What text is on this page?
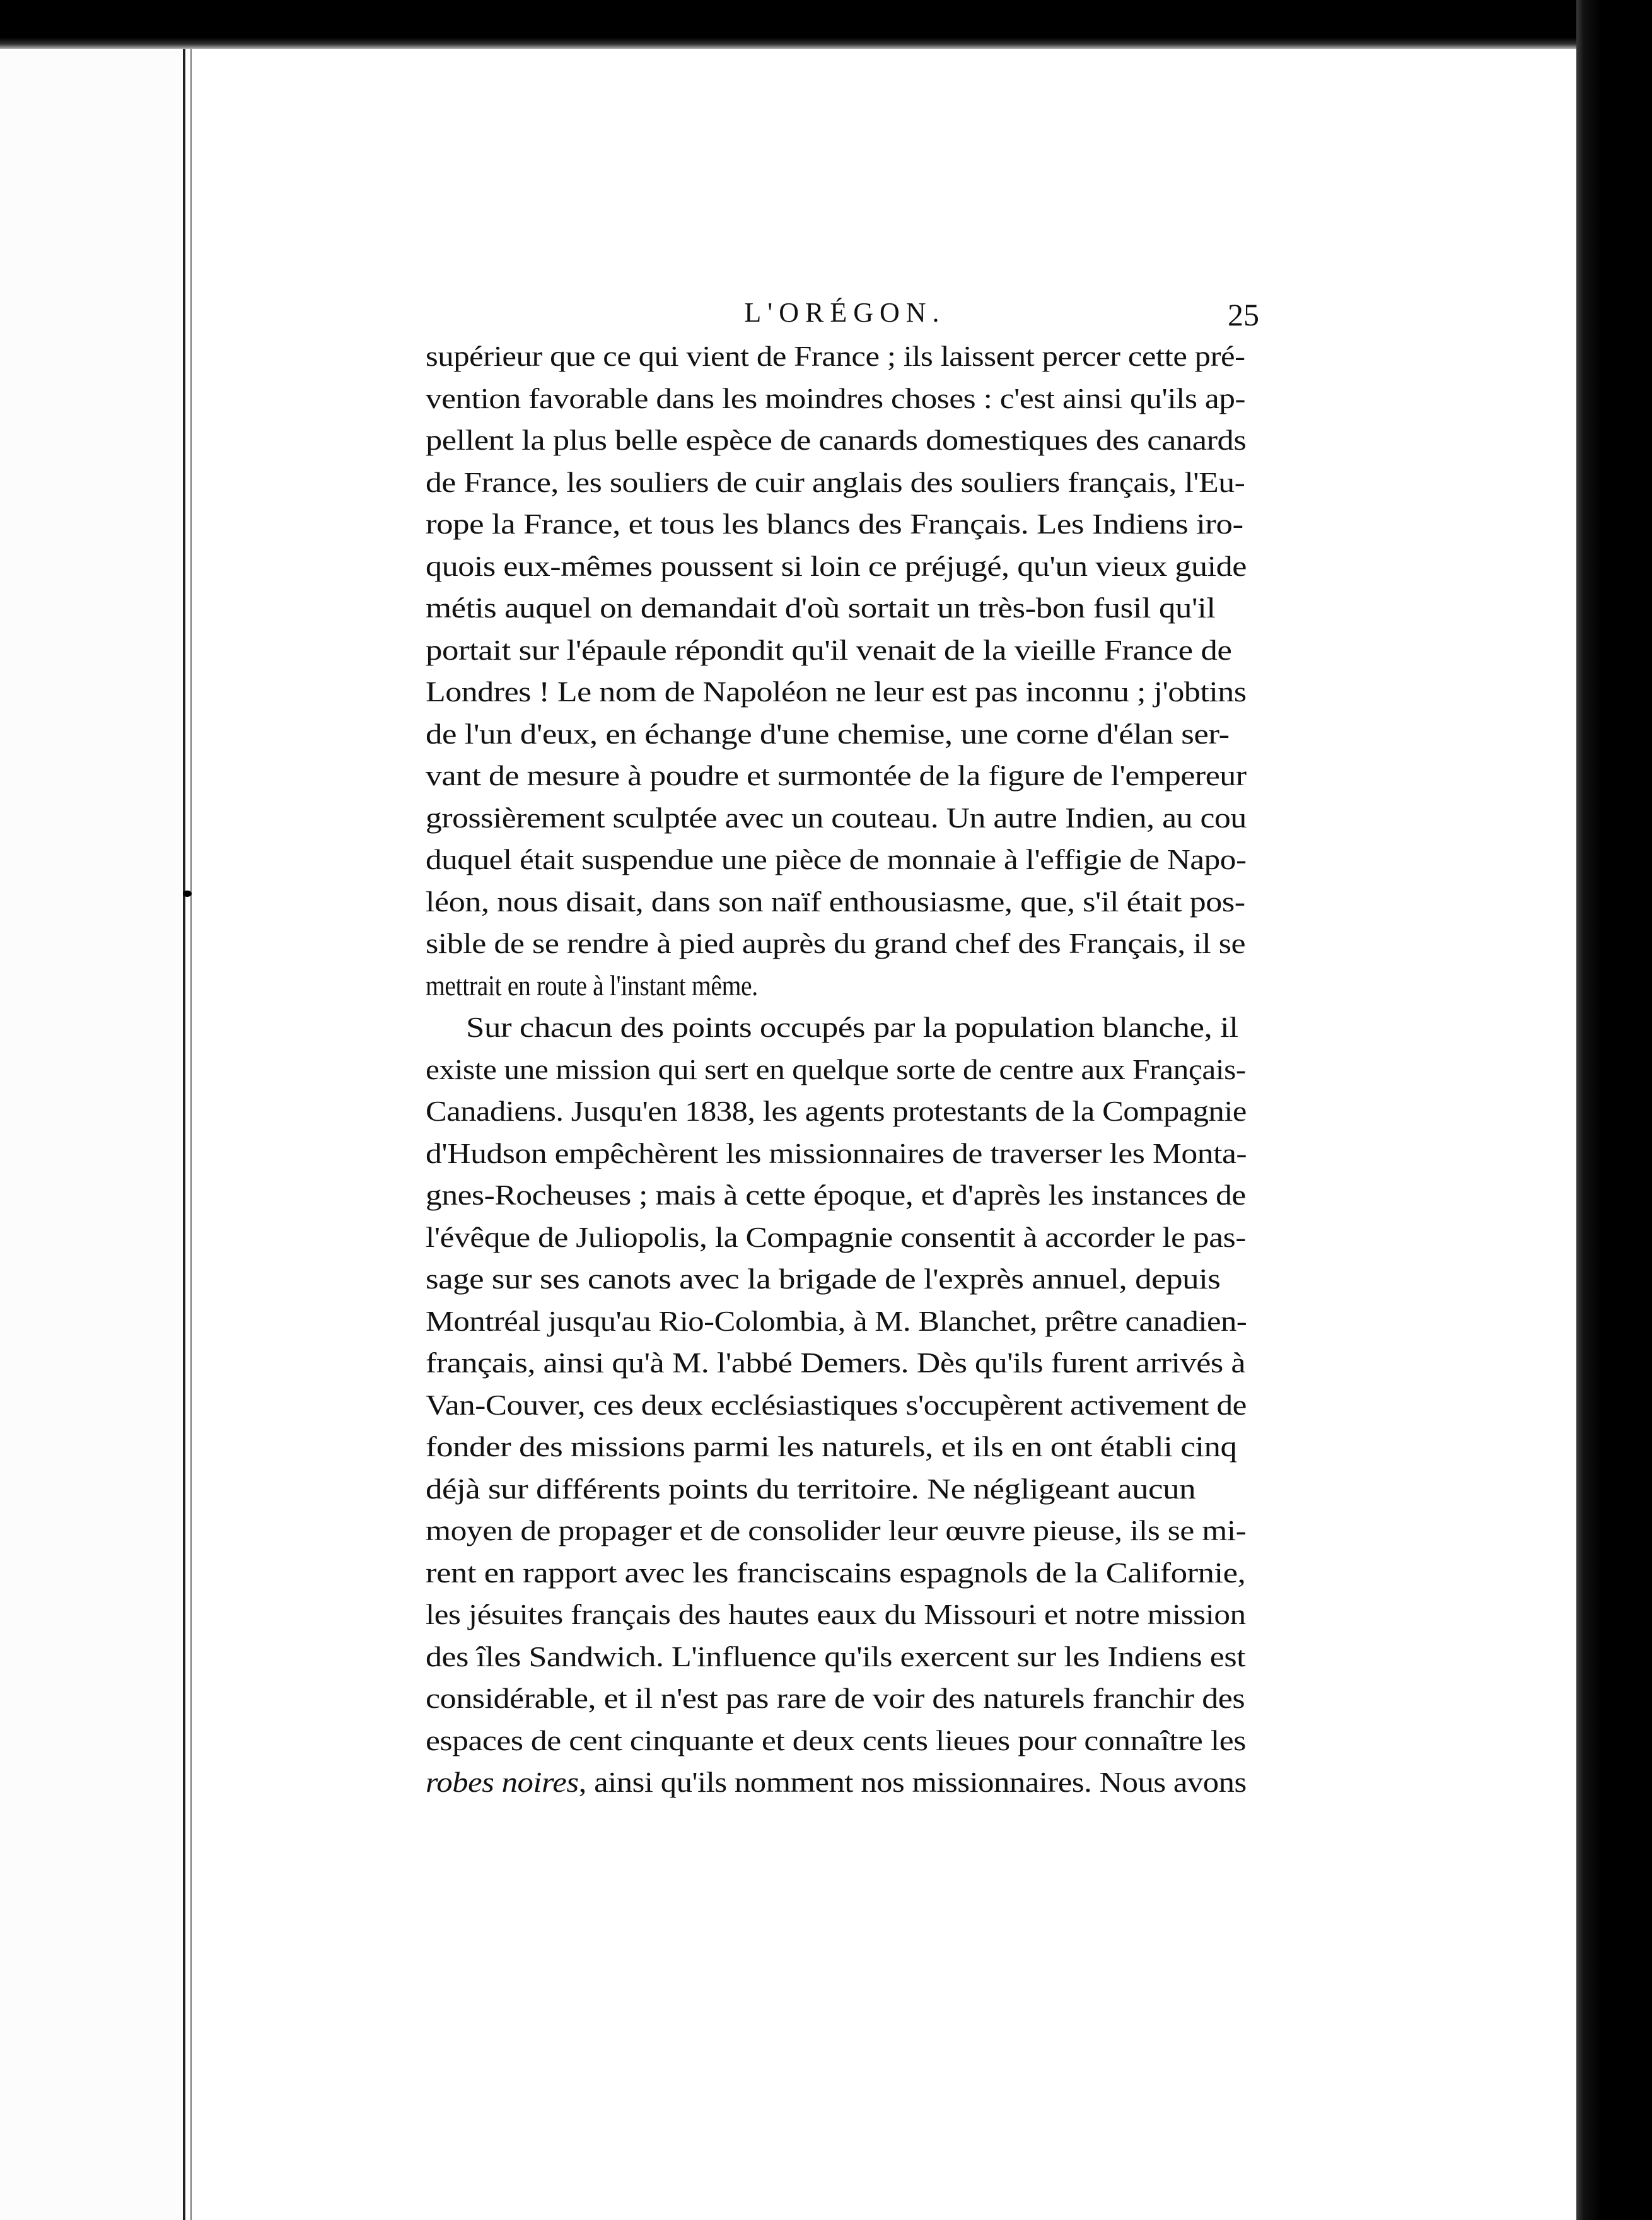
L'ORÉGON.	25
supérieur que ce qui vient de France ; ils laissent percer cette pré-
vention favorable dans les moindres choses : c'est ainsi qu'ils ap-
pellent la plus belle espèce de canards domestiques des canards
de France, les souliers de cuir anglais des souliers français, l'Eu-
rope la France, et tous les blancs des Français. Les Indiens iro-
quois eux-mêmes poussent si loin ce préjugé, qu'un vieux guide
métis auquel on demandait d'où sortait un très-bon fusil qu'il
portait sur l'épaule répondit qu'il venait de la vieille France de
Londres ! Le nom de Napoléon ne leur est pas inconnu ; j'obtins
de l'un d'eux, en échange d'une chemise, une corne d'élan ser-
vant de mesure à poudre et surmontée de la figure de l'empereur
grossièrement sculptée avec un couteau. Un autre Indien, au cou
duquel était suspendue une pièce de monnaie à l'effigie de Napo-
léon, nous disait, dans son naïf enthousiasme, que, s'il était pos-
sible de se rendre à pied auprès du grand chef des Français, il se
mettrait en route à l'instant même.
Sur chacun des points occupés par la population blanche, il
existe une mission qui sert en quelque sorte de centre aux Français-
Canadiens. Jusqu'en 1838, les agents protestants de la Compagnie
d'Hudson empêchèrent les missionnaires de traverser les Monta-
gnes-Rocheuses ; mais à cette époque, et d'après les instances de
l'évêque de Juliopolis, la Compagnie consentit à accorder le pas-
sage sur ses canots avec la brigade de l'exprès annuel, depuis
Montréal jusqu'au Rio-Colombia, à M. Blanchet, prêtre canadien-
français, ainsi qu'à M. l'abbé Demers. Dès qu'ils furent arrivés à
Van-Couver, ces deux ecclésiastiques s'occupèrent activement de
fonder des missions parmi les naturels, et ils en ont établi cinq
déjà sur différents points du territoire. Ne négligeant aucun
moyen de propager et de consolider leur œuvre pieuse, ils se mi-
rent en rapport avec les franciscains espagnols de la Californie,
les jésuites français des hautes eaux du Missouri et notre mission
des îles Sandwich. L'influence qu'ils exercent sur les Indiens est
considérable, et il n'est pas rare de voir des naturels franchir des
espaces de cent cinquante et deux cents lieues pour connaître les
robes noires, ainsi qu'ils nomment nos missionnaires. Nous avons
